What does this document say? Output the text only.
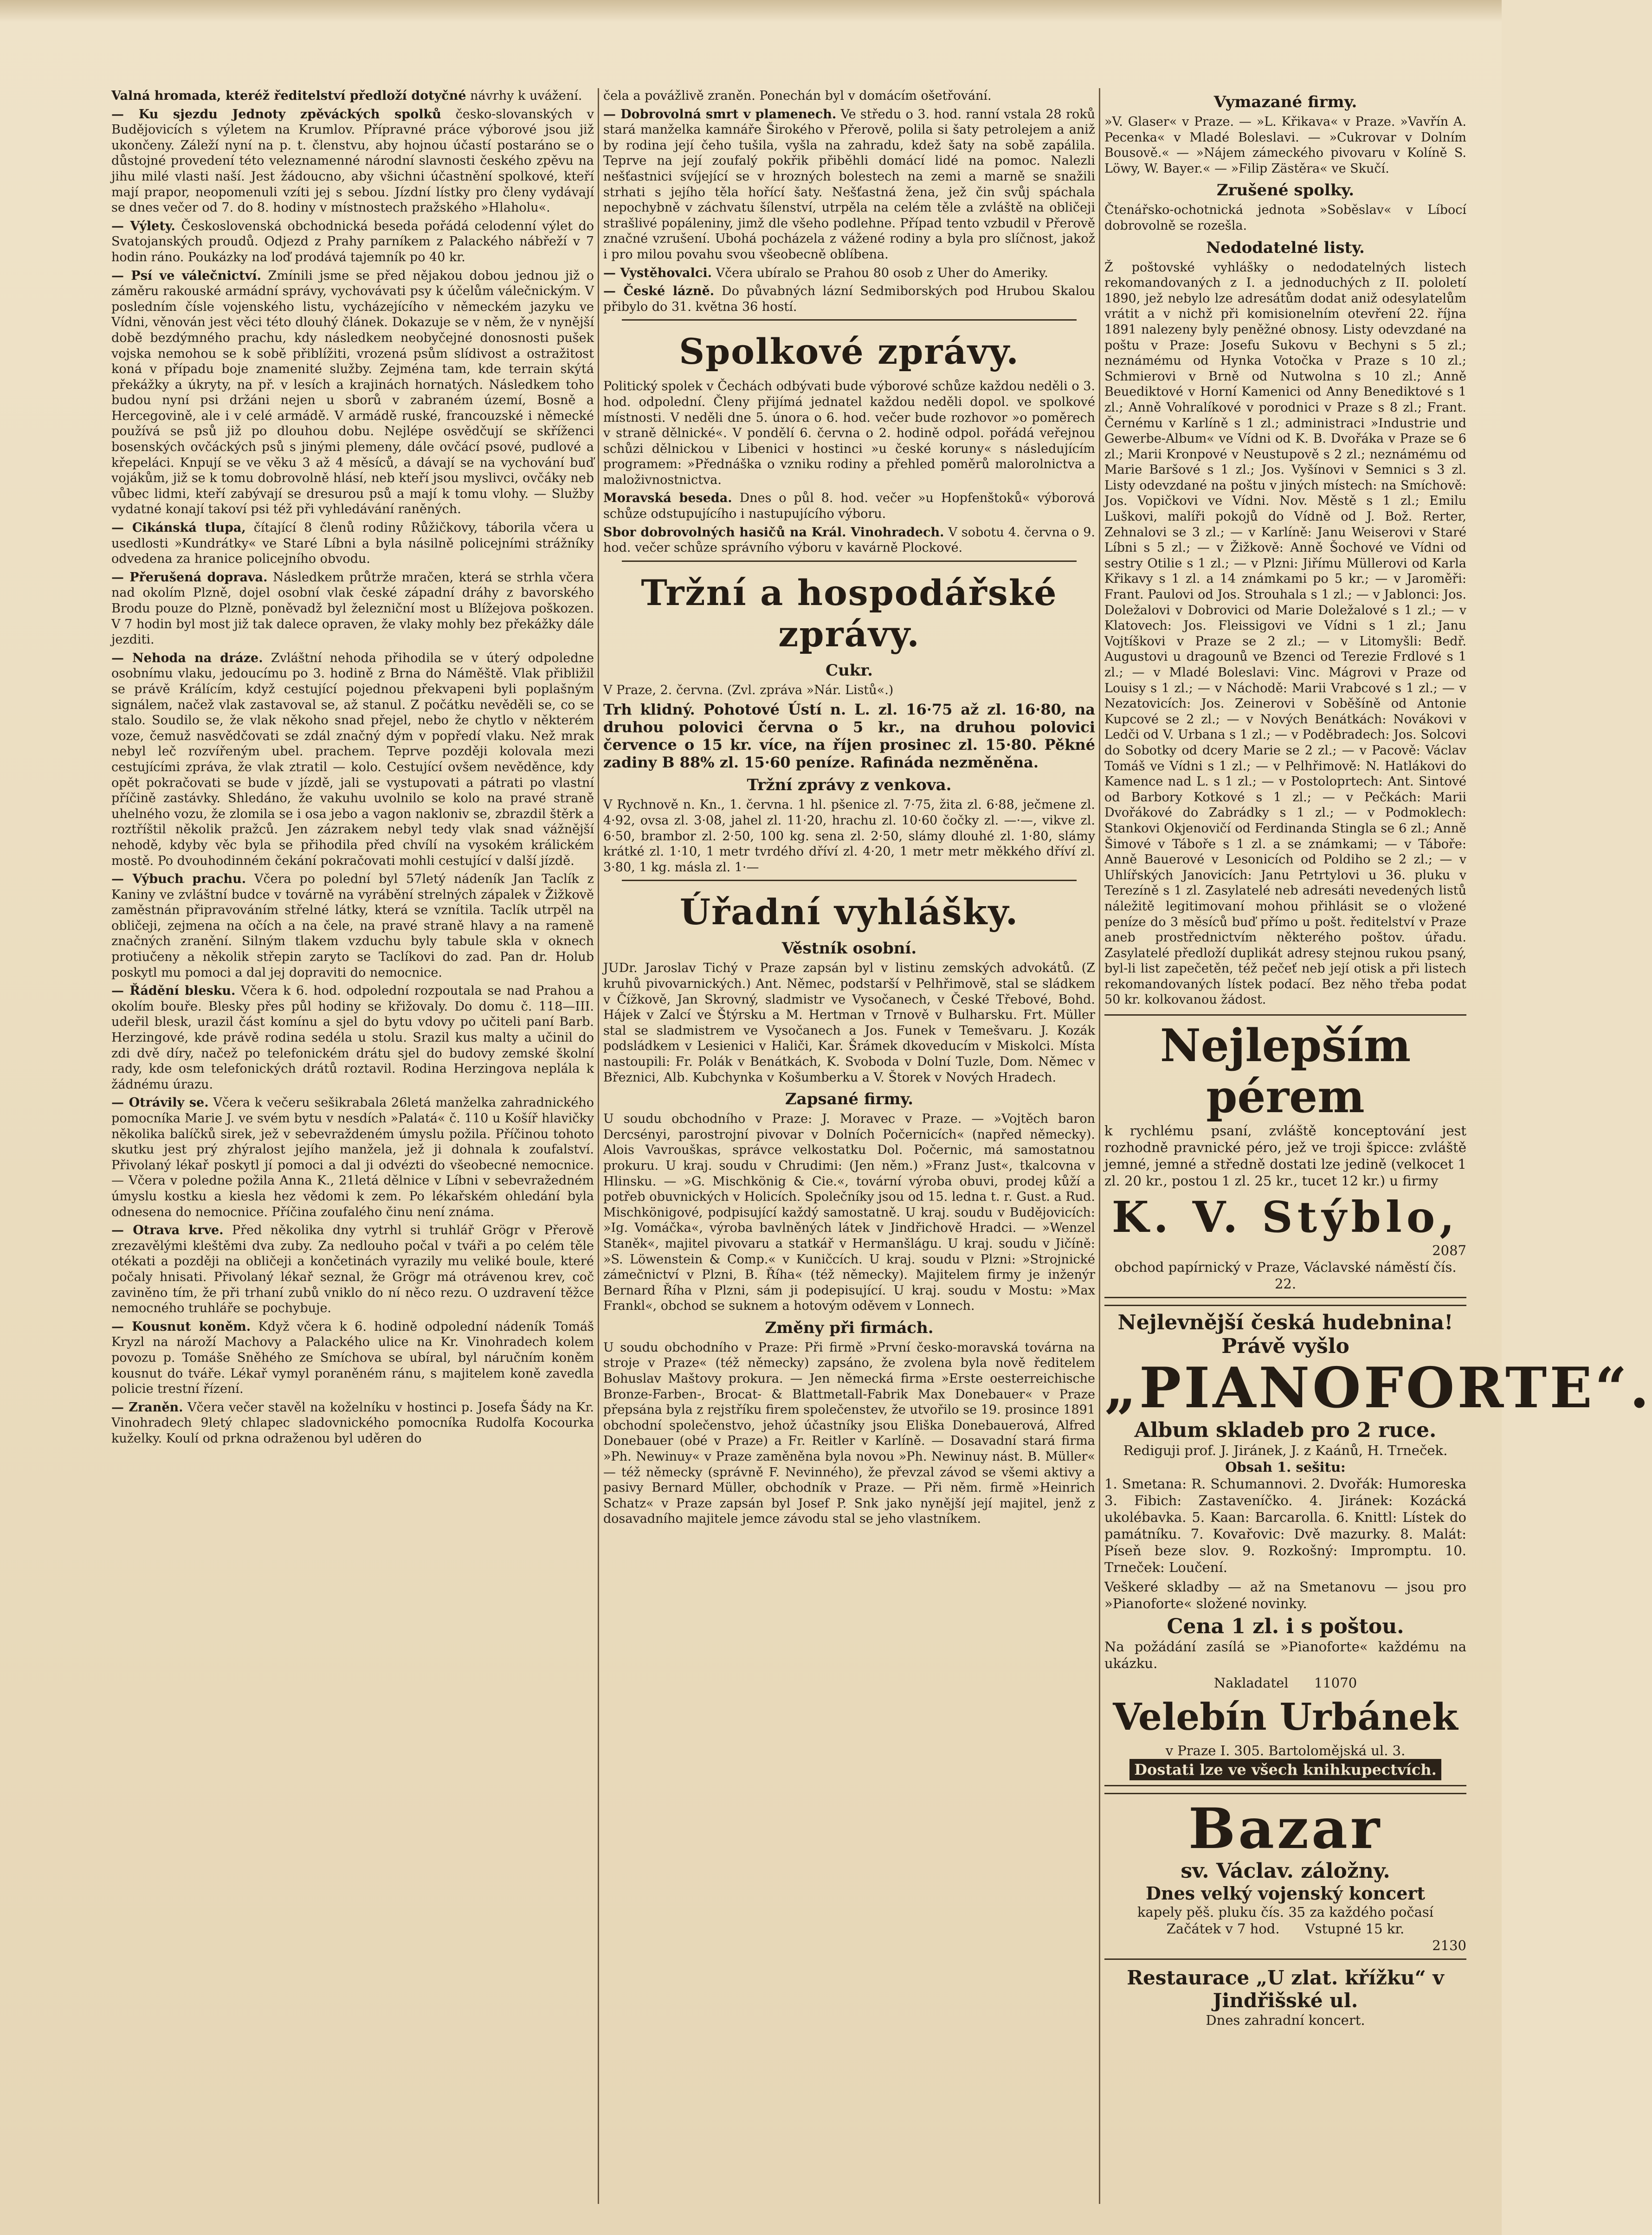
Valná hromada, kteréž ředitelství předloží dotyčné návrhy k uvážení.

— Ku sjezdu Jednoty zpěváckých spolků česko-slovanských v Budějovicích s výletem na Krumlov. Přípravné práce výborové jsou již ukončeny. Záleží nyní na p. t. členstvu, aby hojnou účastí postaráno se o důstojné provedení této veleznamenné národní slavnosti českého zpěvu na jihu milé vlasti naší. Jest žádoucno, aby všichni účastnění spolkové, kteří mají prapor, neopomenuli vzíti jej s sebou. Jízdní lístky pro členy vydávají se dnes večer od 7. do 8. hodiny v místnostech pražského »Hlaholu«.

— Výlety. Československá obchodnická beseda pořádá celodenní výlet do Svatojanských proudů. Odjezd z Prahy parníkem z Palackého nábřeží v 7 hodin ráno. Poukázky na loď prodává tajemník po 40 kr.

— Psí ve válečnictví. Zmínili jsme se před nějakou dobou jednou již o záměru rakouské armádní správy, vychovávati psy k účelům válečnickým. V posledním čísle vojenského listu, vycházejícího v německém jazyku ve Vídni, věnován jest věci této dlouhý článek. Dokazuje se v něm, že v nynější době bezdýmného prachu, kdy následkem neobyčejné donosnosti pušek vojska nemohou se k sobě přiblížiti, vrozená psům slídivost a ostražitost koná v případu boje znamenité služby. Zejména tam, kde terrain skýtá překážky a úkryty, na př. v lesích a krajinách hornatých. Následkem toho budou nyní psi držáni nejen u sborů v zabraném území, Bosně a Hercegovině, ale i v celé armádě. V armádě ruské, francouzské i německé používá se psů již po dlouhou dobu. Nejlépe osvědčují se skříženci bosenských ovčáckých psů s jinými plemeny, dále ovčácí psové, pudlové a křepeláci. Knpují se ve věku 3 až 4 měsíců, a dávají se na vychování buď vojákům, již se k tomu dobrovolně hlásí, neb kteří jsou myslivci, ovčáky neb vůbec lidmi, kteří zabývají se dresurou psů a mají k tomu vlohy. — Služby vydatné konají takoví psi též při vyhledávání raněných.

— Cikánská tlupa, čítající 8 členů rodiny Růžičkovy, táborila včera u usedlosti »Kundrátky« ve Staré Líbni a byla násilně policejními strážníky odvedena za hranice policejního obvodu.

— Přerušená doprava. Následkem průtrže mračen, která se strhla včera nad okolím Plzně, dojel osobní vlak české západní dráhy z bavorského Brodu pouze do Plzně, poněvadž byl železniční most u Blížejova poškozen. V 7 hodin byl most již tak dalece opraven, že vlaky mohly bez překážky dále jezditi.

— Nehoda na dráze. Zvláštní nehoda přihodila se v úterý odpoledne osobnímu vlaku, jedoucímu po 3. hodině z Brna do Náměště. Vlak přibližil se právě Králícím, když cestující pojednou překvapeni byli poplašným signálem, načež vlak zastavoval se, až stanul. Z počátku nevěděli se, co se stalo. Soudilo se, že vlak někoho snad přejel, nebo že chytlo v některém voze, čemuž nasvědčovati se zdál značný dým v popředí vlaku. Než mrak nebyl leč rozvířeným ubel. prachem. Teprve později kolovala mezi cestujícími zpráva, že vlak ztratil — kolo. Cestující ovšem nevěděnce, kdy opět pokračovati se bude v jízdě, jali se vystupovati a pátrati po vlastní příčině zastávky. Shledáno, že vakuhu uvolnilo se kolo na pravé straně uhelného vozu, že zlomila se i osa jebo a vagon nakloniv se, zbrazdil štěrk a roztříštil několik pražců. Jen zázrakem nebyl tedy vlak snad vážnější nehodě, kdyby věc byla se přihodila před chvílí na vysokém králickém mostě. Po dvouhodinném čekání pokračovati mohli cestující v další jízdě.

— Výbuch prachu. Včera po polední byl 57letý nádeník Jan Taclík z Kaniny ve zvláštní budce v továrně na vyrábění strelných zápalek v Žižkově zaměstnán připravováním střelné látky, která se vznítila. Taclík utrpěl na obličeji, zejmena na očích a na čele, na pravé straně hlavy a na rameně značných zranění. Silným tlakem vzduchu byly tabule skla v oknech protiučeny a několik střepin zaryto se Taclíkovi do zad. Pan dr. Holub poskytl mu pomoci a dal jej dopraviti do nemocnice.

— Řádění blesku. Včera k 6. hod. odpolední rozpoutala se nad Prahou a okolím bouře. Blesky přes půl hodiny se křižovaly. Do domu č. 118—III. udeřil blesk, urazil část komínu a sjel do bytu vdovy po učiteli paní Barb. Herzingové, kde právě rodina sedéla u stolu. Srazil kus malty a učinil do zdi dvě díry, načež po telefonickém drátu sjel do budovy zemské školní rady, kde osm telefonických drátů roztavil. Rodina Herzingova neplála k žádnému úrazu.

— Otrávily se. Včera k večeru sešikrabala 26letá manželka zahradnického pomocníka Marie J. ve svém bytu v nesdích »Palatá« č. 110 u Košíř hlavičky několika balíčků sirek, jež v sebevraždeném úmyslu požila. Příčinou tohoto skutku jest prý zhýralost jejího manžela, jež ji dohnala k zoufalství. Přivolaný lékař poskytl jí pomoci a dal ji odvézti do všeobecné nemocnice. — Včera v poledne požila Anna K., 21letá dělnice v Líbni v sebevražedném úmyslu kostku a kiesla hez vědomi k zem. Po lékařském ohledání byla odnesena do nemocnice. Příčina zoufalého činu není známa.

— Otrava krve. Před několika dny vytrhl si truhlář Grögr v Přerově zrezavělými kleštěmi dva zuby. Za nedlouho počal v tváři a po celém těle otékati a později na obličeji a končetinách vyrazily mu veliké boule, které počaly hnisati. Přivolaný lékař seznal, že Grögr má otrávenou krev, coč zaviněno tím, že při trhaní zubů vniklo do ní něco rezu. O uzdravení těžce nemocného truhláře se pochybuje.

— Kousnut koněm. Když včera k 6. hodině odpolední nádeník Tomáš Kryzl na nároží Machovy a Palackého ulice na Kr. Vinohradech kolem povozu p. Tomáše Sněhého ze Smíchova se ubíral, byl náručním koněm kousnut do tváře. Lékař vymyl poraněném ránu, s majitelem koně zavedla policie trestní řízení.

— Zraněn. Včera večer stavěl na koželníku v hostinci p. Josefa Šády na Kr. Vinohradech 9letý chlapec sladovnického pomocníka Rudolfa Kocourka kuželky. Koulí od prkna odraženou byl uděren do

čela a povážlivě zraněn. Ponechán byl v domácím ošetřování.

— Dobrovolná smrt v plamenech. Ve středu o 3. hod. ranní vstala 28 roků stará manželka kamnáře Širokého v Přerově, polila si šaty petrolejem a aniž by rodina její čeho tušila, vyšla na zahradu, kdež šaty na sobě zapálila. Teprve na její zoufalý pokřik přiběhli domácí lidé na pomoc. Nalezli nešťastnici svíjející se v hrozných bolestech na zemi a marně se snažili strhati s jejího těla hořící šaty. Nešťastná žena, jež čin svůj spáchala nepochybně v záchvatu šílenství, utrpěla na celém těle a zvláště na obličeji strašlivé popáleniny, jimž dle všeho podlehne. Případ tento vzbudil v Přerově značné vzrušení. Ubohá pocházela z vážené rodiny a byla pro slíčnost, jakož i pro milou povahu svou všeobecně oblíbena.

— Vystěhovalci. Včera ubíralo se Prahou 80 osob z Uher do Ameriky.

— České lázně. Do půvabných lázní Sedmiborských pod Hrubou Skalou přibylo do 31. května 36 hostí.

Spolkové zprávy.

Politický spolek v Čechách odbývati bude výborové schůze každou neděli o 3. hod. odpolední. Členy přijímá jednatel každou neděli dopol. ve spolkové místnosti. V neděli dne 5. února o 6. hod. večer bude rozhovor »o poměrech v straně dělnické«. V pondělí 6. června o 2. hodině odpol. pořádá veřejnou schůzi dělnickou v Libenici v hostinci »u české koruny« s následujícím programem: »Přednáška o vzniku rodiny a přehled poměrů malorolnictva a maloživnostnictva.

Moravská beseda. Dnes o půl 8. hod. večer »u Hopfenštoků« výborová schůze odstupujícího i nastupujícího výboru.

Sbor dobrovolných hasičů na Král. Vinohradech. V sobotu 4. června o 9. hod. večer schůze správního výboru v kavárně Plockové.

Tržní a hospodářské zprávy.
Cukr.

V Praze, 2. června. (Zvl. zpráva »Nár. Listů«.)

Trh klidný. Pohotové Ústí n. L. zl. 16·75 až zl. 16·80, na druhou polovici června o 5 kr., na druhou polovici července o 15 kr. více, na říjen prosinec zl. 15·80. Pěkné zadiny B 88% zl. 15·60 peníze. Rafináda nezměněna.

Tržní zprávy z venkova.

V Rychnově n. Kn., 1. června. 1 hl. pšenice zl. 7·75, žita zl. 6·88, ječmene zl. 4·92, ovsa zl. 3·08, jahel zl. 11·20, hrachu zl. 10·60 čočky zl. —·—, vikve zl. 6·50, brambor zl. 2·50, 100 kg. sena zl. 2·50, slámy dlouhé zl. 1·80, slámy krátké zl. 1·10, 1 metr tvrdého dříví zl. 4·20, 1 metr metr měkkého dříví zl. 3·80, 1 kg. másla zl. 1·—

Úřadní vyhlášky.
Věstník osobní.

JUDr. Jaroslav Tichý v Praze zapsán byl v listinu zemských advokátů. (Z kruhů pivovarnických.) Ant. Němec, podstarší v Pelhřimově, stal se sládkem v Čížkově, Jan Skrovný, sladmistr ve Vysočanech, v České Třebové, Bohd. Hájek v Zalcí ve Štýrsku a M. Hertman v Trnově v Bulharsku. Frt. Müller stal se sladmistrem ve Vysočanech a Jos. Funek v Temešvaru. J. Kozák podsládkem v Lesienici v Haliči, Kar. Šrámek dkoveducím v Miskolci. Místa nastoupili: Fr. Polák v Benátkách, K. Svoboda v Dolní Tuzle, Dom. Němec v Březnici, Alb. Kubchynka v Košumberku a V. Štorek v Nových Hradech.

Zapsané firmy.

U soudu obchodního v Praze: J. Moravec v Praze. — »Vojtěch baron Dercsényi, parostrojní pivovar v Dolních Počernicích« (napřed německy). Alois Vavrouškas, správce velkostatku Dol. Počernic, má samostatnou prokuru. U kraj. soudu v Chrudimi: (Jen něm.) »Franz Just«, tkalcovna v Hlinsku. — »G. Mischkönig & Cie.«, tovární výroba obuvi, prodej kůží a potřeb obuvnických v Holicích. Společníky jsou od 15. ledna t. r. Gust. a Rud. Mischkönigové, podpisující každý samostatně. U kraj. soudu v Budějovicích: »Ig. Vomáčka«, výroba bavlněných látek v Jindřichově Hradci. — »Wenzel Staněk«, majitel pivovaru a statkář v Hermanšlágu. U kraj. soudu v Jičíně: »S. Löwenstein & Comp.« v Kuničcích. U kraj. soudu v Plzni: »Strojnické zámečnictví v Plzni, B. Říha« (též německy). Majitelem firmy je inženýr Bernard Říha v Plzni, sám ji podepisující. U kraj. soudu v Mostu: »Max Frankl«, obchod se suknem a hotovým oděvem v Lonnech.

Změny při firmách.

U soudu obchodního v Praze: Při firmě »První česko-moravská továrna na stroje v Praze« (též německy) zapsáno, že zvolena byla nově ředitelem Bohuslav Maštovy prokura. — Jen německá firma »Erste oesterreichische Bronze-Farben-, Brocat- & Blattmetall-Fabrik Max Donebauer« v Praze přepsána byla z rejstříku firem společenstev, že utvořilo se 19. prosince 1891 obchodní společenstvo, jehož účastníky jsou Eliška Donebauerová, Alfred Donebauer (obé v Praze) a Fr. Reitler v Karlíně. — Dosavadní stará firma »Ph. Newinuy« v Praze zaměněna byla novou »Ph. Newinuy nást. B. Müller« — též německy (správně F. Nevinného), že převzal závod se všemi aktivy a pasivy Bernard Müller, obchodník v Praze. — Při něm. firmě »Heinrich Schatz« v Praze zapsán byl Josef P. Snk jako nynější její majitel, jenž z dosavadního majitele jemce závodu stal se jeho vlastníkem.

Vymazané firmy.

»V. Glaser« v Praze. — »L. Křikava« v Praze. »Vavřín A. Pecenka« v Mladé Boleslavi. — »Cukrovar v Dolním Bousově.« — »Nájem zámeckého pivovaru v Kolíně S. Löwy, W. Bayer.« — »Filip Zästěra« ve Skučí.

Zrušené spolky.

Čtenářsko-ochotnická jednota »Soběslav« v Líbocí dobrovolně se rozešla.

Nedodatelné listy.

Ž poštovské vyhlášky o nedodatelných listech rekomandovaných z I. a jednoduchých z II. pololetí 1890, jež nebylo lze adresátům dodat aniž odesylatelům vrátit a v nichž při komisionelním otevření 22. října 1891 nalezeny byly peněžné obnosy. Listy odevzdané na poštu v Praze: Josefu Sukovu v Bechyni s 5 zl.; neznámému od Hynka Votočka v Praze s 10 zl.; Schmierovi v Brně od Nutwolna s 10 zl.; Anně Beuediktové v Horní Kamenici od Anny Benediktové s 1 zl.; Anně Vohralíkové v porodnici v Praze s 8 zl.; Frant. Černému v Karlíně s 1 zl.; administraci »Industrie und Gewerbe-Album« ve Vídni od K. B. Dvořáka v Praze se 6 zl.; Marii Kronpové v Neustupově s 2 zl.; neznámému od Marie Baršové s 1 zl.; Jos. Vyšínovi v Semnici s 3 zl. Listy odevzdané na poštu v jiných místech: na Smíchově: Jos. Vopičkovi ve Vídni. Nov. Městě s 1 zl.; Emilu Luškovi, malíři pokojů do Vídně od J. Bož. Rerter, Zehnalovi se 3 zl.; — v Karlíně: Janu Weiserovi v Staré Líbni s 5 zl.; — v Žižkově: Anně Šochové ve Vídni od sestry Otilie s 1 zl.; — v Plzni: Jiřímu Müllerovi od Karla Křikavy s 1 zl. a 14 známkami po 5 kr.; — v Jaroměři: Frant. Paulovi od Jos. Strouhala s 1 zl.; — v Jablonci: Jos. Doležalovi v Dobrovici od Marie Doležalové s 1 zl.; — v Klatovech: Jos. Fleissigovi ve Vídni s 1 zl.; Janu Vojtíškovi v Praze se 2 zl.; — v Litomyšli: Bedř. Augustovi u dragounů ve Bzenci od Terezie Frdlové s 1 zl.; — v Mladé Boleslavi: Vinc. Mágrovi v Praze od Louisy s 1 zl.; — v Náchodě: Marii Vrabcové s 1 zl.; — v Nezatovicích: Jos. Zeinerovi v Soběšíně od Antonie Kupcové se 2 zl.; — v Nových Benátkách: Novákovi v Ledči od V. Urbana s 1 zl.; — v Poděbradech: Jos. Solcovi do Sobotky od dcery Marie se 2 zl.; — v Pacově: Václav Tomáš ve Vídni s 1 zl.; — v Pelhřimově: N. Hatlákovi do Kamence nad L. s 1 zl.; — v Postoloprtech: Ant. Sintové od Barbory Kotkové s 1 zl.; — v Pečkách: Marii Dvořákové do Zabrádky s 1 zl.; — v Podmoklech: Stankovi Okjenovičí od Ferdinanda Stingla se 6 zl.; Anně Šimové v Táboře s 1 zl. a se známkami; — v Táboře: Anně Bauerové v Lesonicích od Poldiho se 2 zl.; — v Uhlířských Janovicích: Janu Petrtylovi u 36. pluku v Terezíně s 1 zl. Zasylatelé neb adresáti nevedených listů náležitě legitimovaní mohou přihlásit se o vložené peníze do 3 měsíců buď přímo u pošt. ředitelství v Praze aneb prostřednictvím některého poštov. úřadu. Zasylatelé předloží duplikát adresy stejnou rukou psaný, byl-li list zapečetěn, též pečeť neb její otisk a při listech rekomandovaných lístek podací. Bez něho třeba podat 50 kr. kolkovanou žádost.

Nejlepším pérem

k rychlému psaní, zvláště konceptování jest rozhodně pravnické péro, jež ve troji špicce: zvláště jemné, jemné a středně dostati lze jedině (velkocet 1 zl. 20 kr., postou 1 zl. 25 kr., tucet 12 kr.) u firmy

K. V. Stýblo,
2087
obchod papírnický v Praze, Václavské náměstí čís. 22.
Nejlevnější česká hudebnina! Právě vyšlo
„PIANOFORTE“.
Album skladeb pro 2 ruce.
Rediguji prof. J. Jiránek, J. z Kaánů, H. Trneček.
Obsah 1. sešitu:

1. Smetana: R. Schumannovi. 2. Dvořák: Humoreska 3. Fibich: Zastaveníčko. 4. Jiránek: Kozácká ukolébavka. 5. Kaan: Barcarolla. 6. Knittl: Lístek do památníku. 7. Kovařovic: Dvě mazurky. 8. Malát: Píseň beze slov. 9. Rozkošný: Impromptu. 10. Trneček: Loučení.

Veškeré skladby — až na Smetanovu — jsou pro »Pianoforte« složené novinky.

Cena 1 zl. i s poštou.

Na požádání zasílá se »Pianoforte« každému na ukázku.

Nakladatel 11070
Velebín Urbánek
v Praze I. 305. Bartolomějská ul. 3.
Dostati lze ve všech knihkupectvích.
Bazar
sv. Václav. záložny.
Dnes velký vojenský koncert
kapely pěš. pluku čís. 35 za každého počasí
Začátek v 7 hod. Vstupné 15 kr.
2130
Restaurace „U zlat. křížku“ v Jindřišské ul.
Dnes zahradní koncert.
